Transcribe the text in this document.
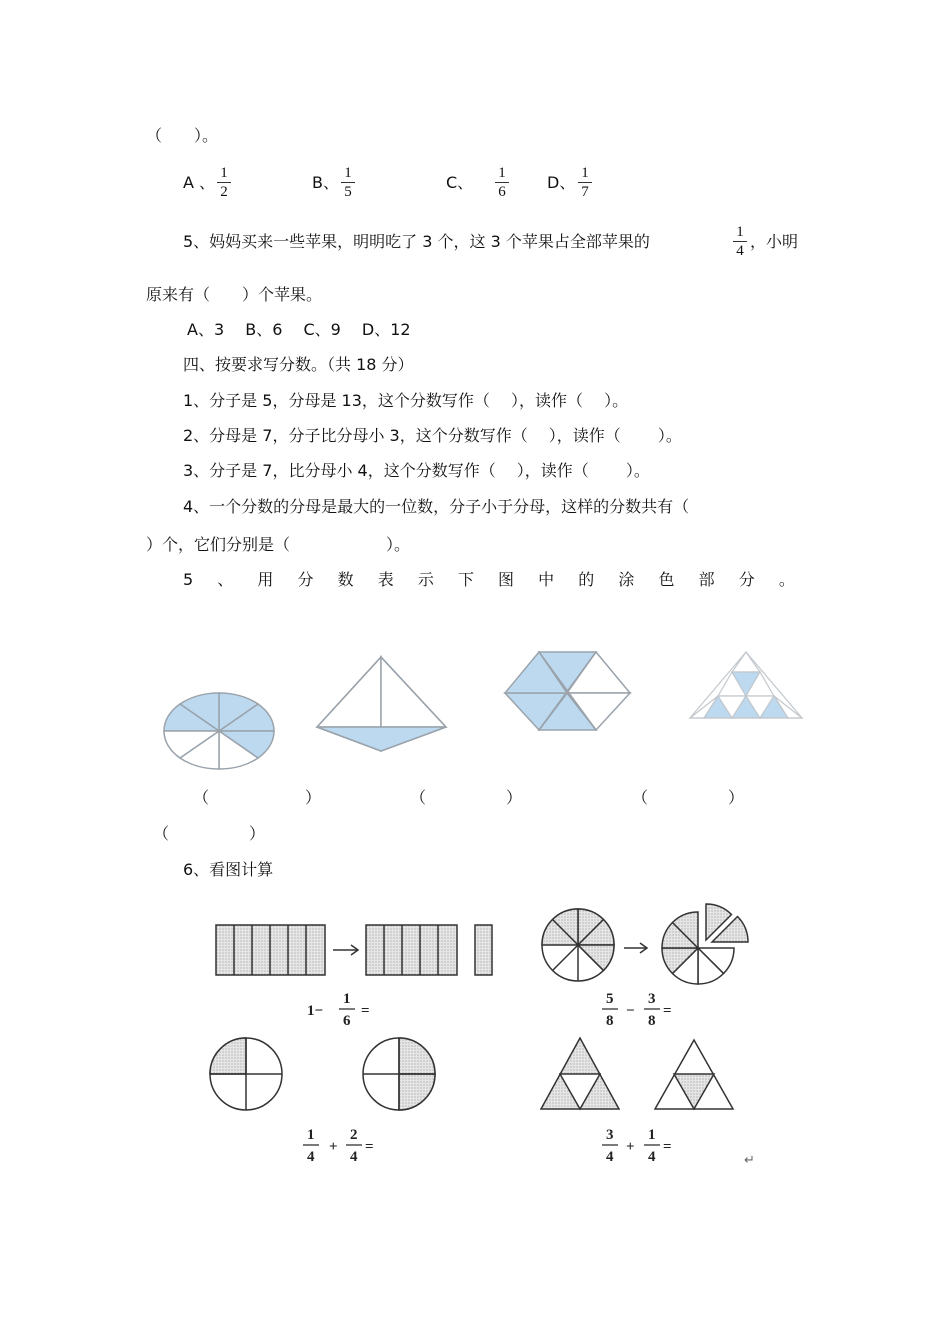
（　　）。
A 、 1
2	B、 1
5	C、 1
6	D、 1
7
5、妈妈买来一些苹果，明明吃了 3 个，这 3 个苹果占全部苹果的	1
4 ，小明
原来有（　　）个苹果。
A、3　 B、6　 C、9　 D、12
四、按要求写分数。（共 18 分）
1、分子是 5，分母是 13，这个分数写作（　 ），读作（　 ）。
2、分母是 7，分子比分母小 3，这个分数写作（　 ），读作（　　 ）。
3、分子是 7，比分母小 4，这个分数写作（　 ），读作（　　 ）。
4、一个分数的分母是最大的一位数，分子小于分母，这样的分数共有（
）个，它们分别是（　　　　　　）。
5 、 用 分 数 表 示 下 图 中 的 涂 色 部 分 。
（　　　　　　）	（　　　　　）	（　　　　　）
（　　　　　）
6、看图计算
1−
1
6
=
5
8
−
3
8
=
1
4
+
2
4
=
3
4
+
1
4
=
↵
